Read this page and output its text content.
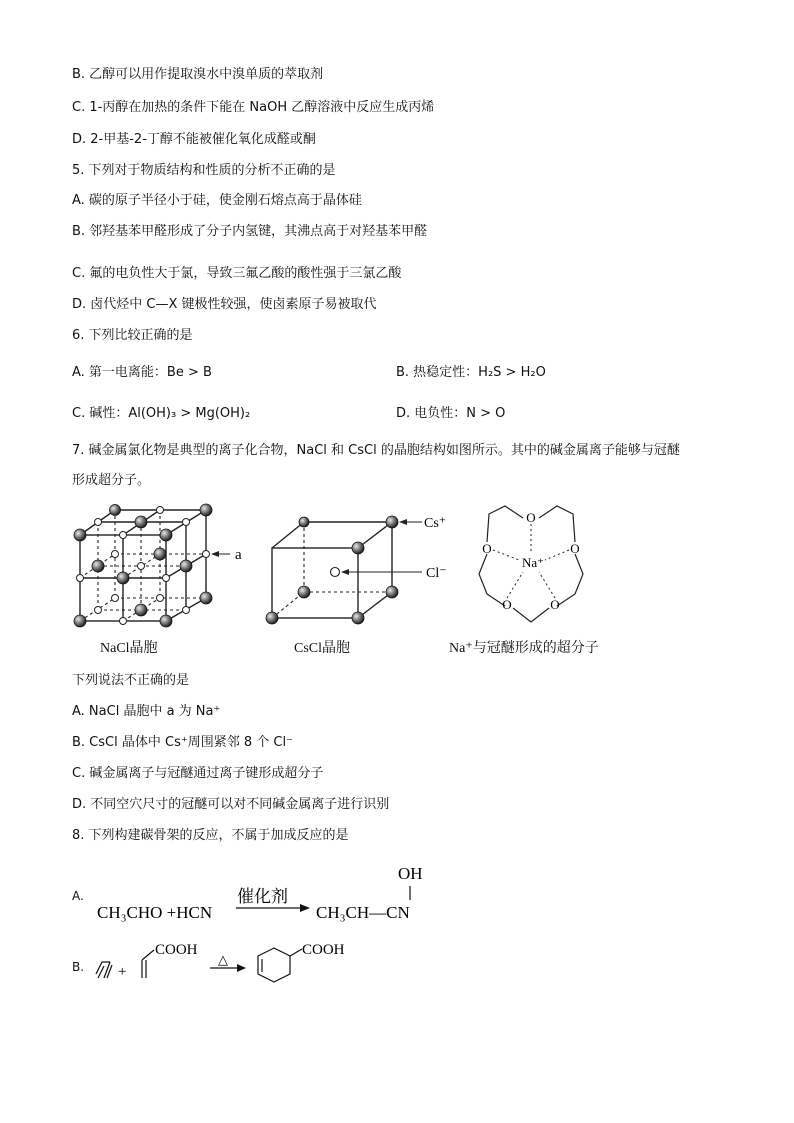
B. 乙醇可以用作提取溴水中溴单质的萃取剂
C. 1-丙醇在加热的条件下能在 NaOH 乙醇溶液中反应生成丙烯
D. 2-甲基-2-丁醇不能被催化氧化成醛或酮
5. 下列对于物质结构和性质的分析不正确的是
A. 碳的原子半径小于硅，使金刚石熔点高于晶体硅
B. 邻羟基苯甲醛形成了分子内氢键，其沸点高于对羟基苯甲醛
C. 氟的电负性大于氯，导致三氟乙酸的酸性强于三氯乙酸
D. 卤代烃中 C—X 键极性较强，使卤素原子易被取代
6. 下列比较正确的是
A. 第一电离能：Be > B	B. 热稳定性：H₂S > H₂O
C. 碱性：Al(OH)₃ > Mg(OH)₂	D. 电负性：N > O
7. 碱金属氯化物是典型的离子化合物，NaCl 和 CsCl 的晶胞结构如图所示。其中的碱金属离子能够与冠醚
形成超分子。
a
NaCl晶胞
Cs⁺
Cl⁻
CsCl晶胞
O
O	O
O	O
Na⁺
Na⁺与冠醚形成的超分子
下列说法不正确的是
A. NaCl 晶胞中 a 为 Na⁺
B. CsCl 晶体中 Cs⁺周围紧邻 8 个 Cl⁻
C. 碱金属离子与冠醚通过离子键形成超分子
D. 不同空穴尺寸的冠醚可以对不同碱金属离子进行识别
8. 下列构建碳骨架的反应，不属于加成反应的是
A.
CH₃CHO +HCN
催化剂
CH₃CH—CN
OH
B. +
COOH
△
COOH
